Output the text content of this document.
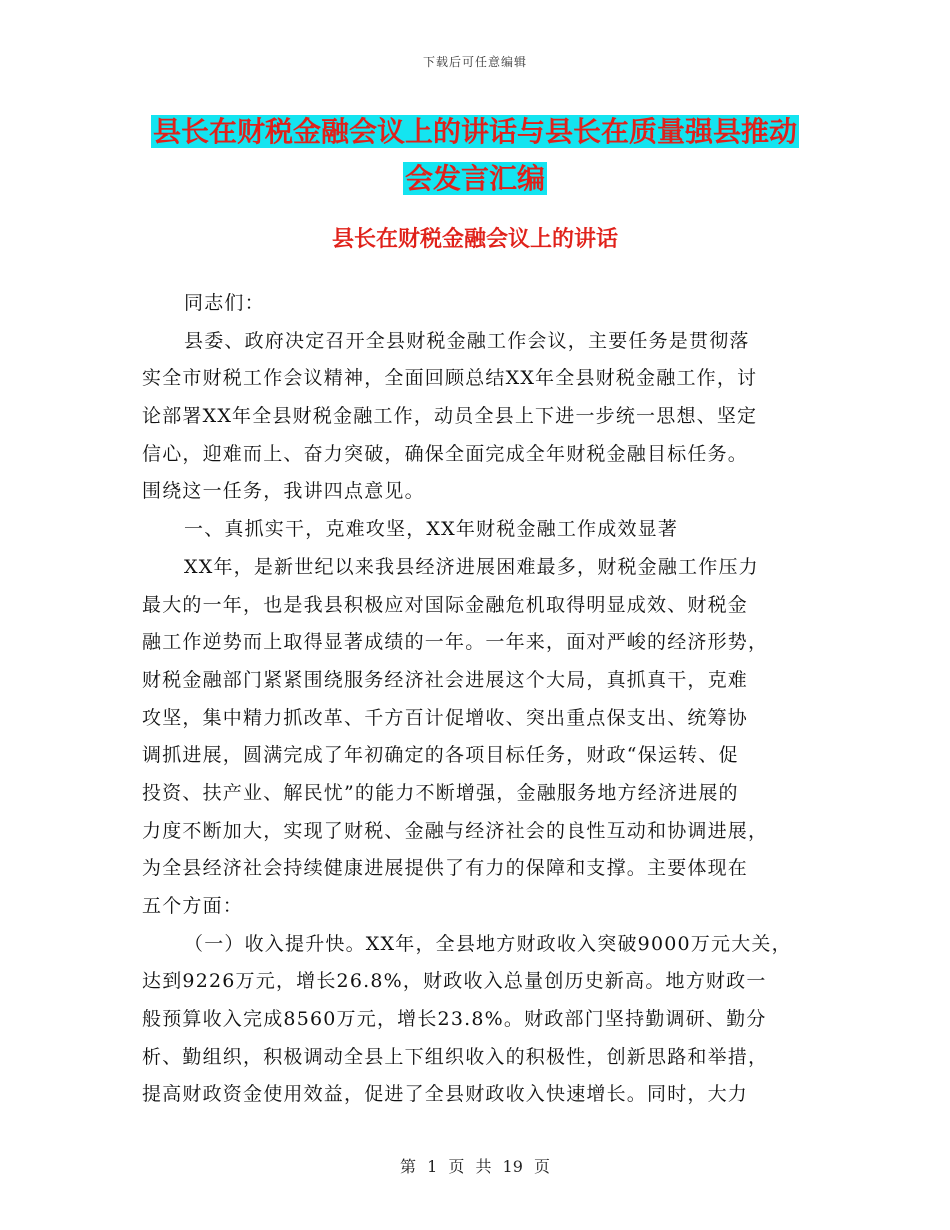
下载后可任意编辑
县长在财税金融会议上的讲话与县长在质量强县推动
会发言汇编
县长在财税金融会议上的讲话
同志们：
县委、政府决定召开全县财税金融工作会议，主要任务是贯彻落
实全市财税工作会议精神，全面回顾总结XX年全县财税金融工作，讨
论部署XX年全县财税金融工作，动员全县上下进一步统一思想、坚定
信心，迎难而上、奋力突破，确保全面完成全年财税金融目标任务。
围绕这一任务，我讲四点意见。
一、真抓实干，克难攻坚，XX年财税金融工作成效显著
XX年，是新世纪以来我县经济进展困难最多，财税金融工作压力
最大的一年，也是我县积极应对国际金融危机取得明显成效、财税金
融工作逆势而上取得显著成绩的一年。一年来，面对严峻的经济形势，
财税金融部门紧紧围绕服务经济社会进展这个大局，真抓真干，克难
攻坚，集中精力抓改革、千方百计促增收、突出重点保支出、统筹协
调抓进展，圆满完成了年初确定的各项目标任务，财政“保运转、促
投资、扶产业、解民忧”的能力不断增强，金融服务地方经济进展的
力度不断加大，实现了财税、金融与经济社会的良性互动和协调进展，
为全县经济社会持续健康进展提供了有力的保障和支撑。主要体现在
五个方面：
（一）收入提升快。XX年，全县地方财政收入突破9000万元大关，
达到9226万元，增长26.8%，财政收入总量创历史新高。地方财政一
般预算收入完成8560万元，增长23.8%。财政部门坚持勤调研、勤分
析、勤组织，积极调动全县上下组织收入的积极性，创新思路和举措，
提高财政资金使用效益，促进了全县财政收入快速增长。同时，大力
第 1 页 共 19 页
